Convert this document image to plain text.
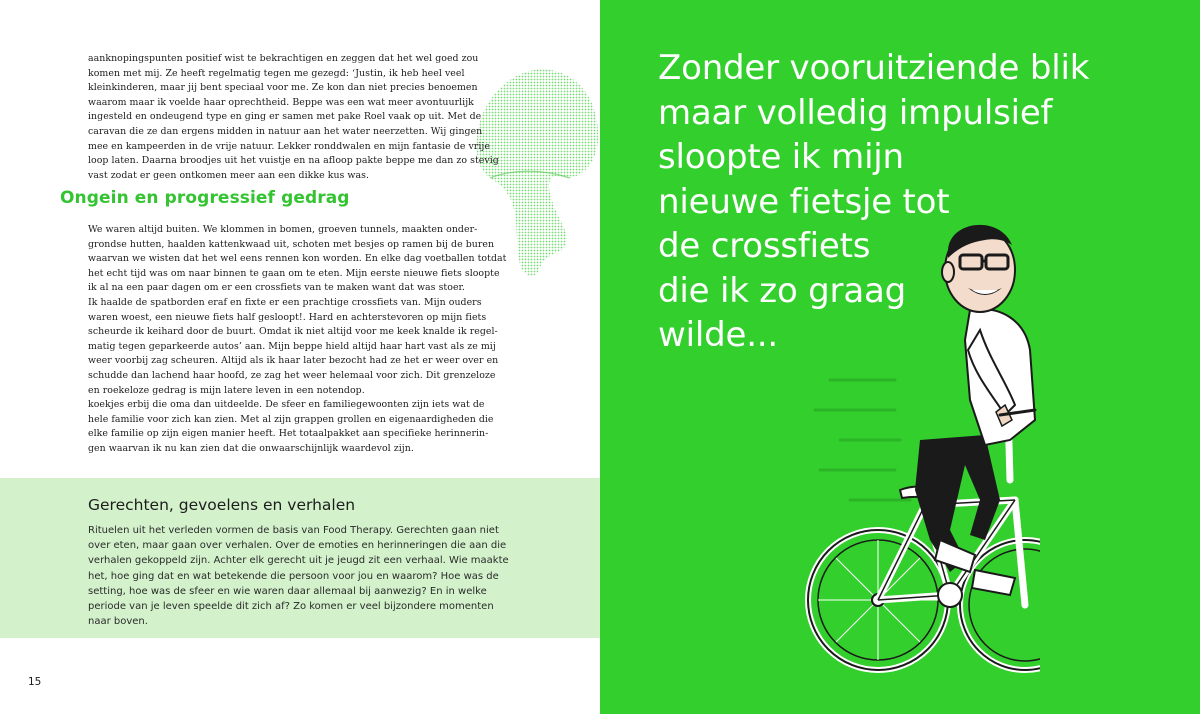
aanknopingspunten positief wist te bekrachtigen en zeggen dat het wel goed zou
komen met mij. Ze heeft regelmatig tegen me gezegd: ‘Justin, ik heb heel veel
kleinkinderen, maar jij bent speciaal voor me. Ze kon dan niet precies benoemen
waarom maar ik voelde haar oprechtheid. Beppe was een wat meer avontuurlijk
ingesteld en ondeugend type en ging er samen met pake Roel vaak op uit. Met de
caravan die ze dan ergens midden in natuur aan het water neerzetten. Wij gingen
mee en kampeerden in de vrije natuur. Lekker ronddwalen en mijn fantasie de vrije
loop laten. Daarna broodjes uit het vuistje en na afloop pakte beppe me dan zo stevig
vast zodat er geen ontkomen meer aan een dikke kus was.
Ongein en progressief gedrag
We waren altijd buiten. We klommen in bomen, groeven tunnels, maakten onder-
grondse hutten, haalden kattenkwaad uit, schoten met besjes op ramen bij de buren
waarvan we wisten dat het wel eens rennen kon worden. En elke dag voetballen totdat
het echt tijd was om naar binnen te gaan om te eten. Mijn eerste nieuwe fiets sloopte
ik al na een paar dagen om er een crossfiets van te maken want dat was stoer.
Ik haalde de spatborden eraf en fixte er een prachtige crossfiets van. Mijn ouders
waren woest, een nieuwe fiets half gesloopt!. Hard en achterstevoren op mijn fiets
scheurde ik keihard door de buurt. Omdat ik niet altijd voor me keek knalde ik regel-
matig tegen geparkeerde autos’ aan. Mijn beppe hield altijd haar hart vast als ze mij
weer voorbij zag scheuren. Altijd als ik haar later bezocht had ze het er weer over en
schudde dan lachend haar hoofd, ze zag het weer helemaal voor zich. Dit grenzeloze
en roekeloze gedrag is mijn latere leven in een notendop.
koekjes erbij die oma dan uitdeelde. De sfeer en familiegewoonten zijn iets wat de
hele familie voor zich kan zien. Met al zijn grappen grollen en eigenaardigheden die
elke familie op zijn eigen manier heeft. Het totaalpakket aan specifieke herinnerin-
gen waarvan ik nu kan zien dat die onwaarschijnlijk waardevol zijn.
Gerechten, gevoelens en verhalen
Rituelen uit het verleden vormen de basis van Food Therapy. Gerechten gaan niet
over eten, maar gaan over verhalen. Over de emoties en herinneringen die aan die
verhalen gekoppeld zijn. Achter elk gerecht uit je jeugd zit een verhaal. Wie maakte
het, hoe ging dat en wat betekende die persoon voor jou en waarom? Hoe was de
setting, hoe was de sfeer en wie waren daar allemaal bij aanwezig? En in welke
periode van je leven speelde dit zich af? Zo komen er veel bijzondere momenten
naar boven.
15
Zonder vooruitziende blik
maar volledig impulsief
sloopte ik mijn
nieuwe fietsje tot
de crossfiets
die ik zo graag
wilde...
